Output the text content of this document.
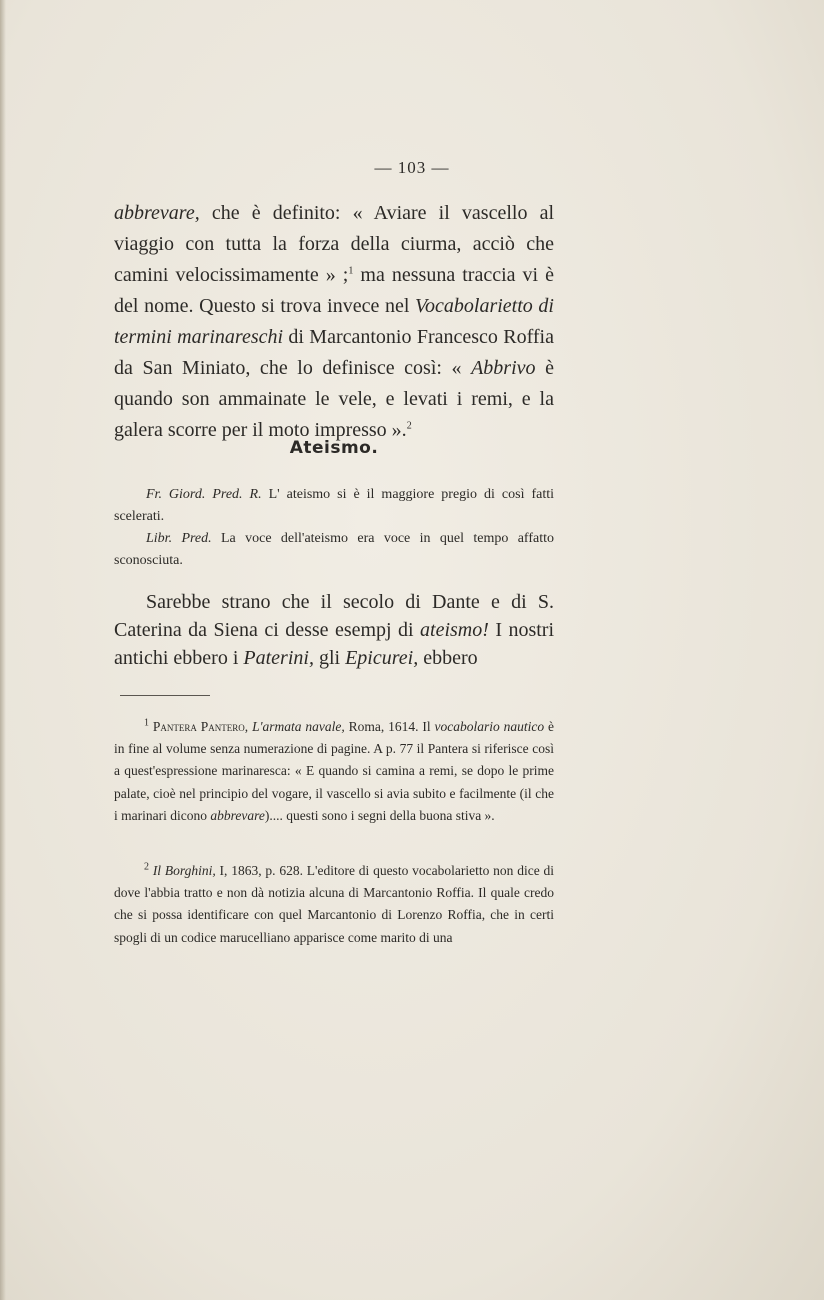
— 103 —

abbrevare, che è definito: « Aviare il vascello al viaggio con tutta la forza della ciurma, acciò che camini velocissimamente » ;$^1$ ma nessuna traccia vi è del nome. Questo si trova invece nel Vocabolarietto di termini marinareschi di Marcantonio Francesco Roffia da San Miniato, che lo definisce così: « Abbrivo è quando son ammainate le vele, e levati i remi, e la galera scorre per il moto impresso ».$^2$

Ateismo.

Fr. Giord. Pred. R. L' ateismo si è il maggiore pregio di così fatti scelerati.

Libr. Pred. La voce dell'ateismo era voce in quel tempo affatto sconosciuta.

Sarebbe strano che il secolo di Dante e di S. Caterina da Siena ci desse esempj di ateismo! I nostri antichi ebbero i Paterini, gli Epicurei, ebbero

$^1$ Pantera Pantero, L'armata navale, Roma, 1614. Il vocabolario nautico è in fine al volume senza numerazione di pagine. A p. 77 il Pantera si riferisce così a quest'espressione marinaresca: « E quando si camina a remi, se dopo le prime palate, cioè nel principio del vogare, il vascello si avia subito e facilmente (il che i marinari dicono abbrevare).... questi sono i segni della buona stiva ».

$^2$ Il Borghini, I, 1863, p. 628. L'editore di questo vocabolarietto non dice di dove l'abbia tratto e non dà notizia alcuna di Marcantonio Roffia. Il quale credo che si possa identificare con quel Marcantonio di Lorenzo Roffia, che in certi spogli di un codice marucelliano apparisce come marito di una
